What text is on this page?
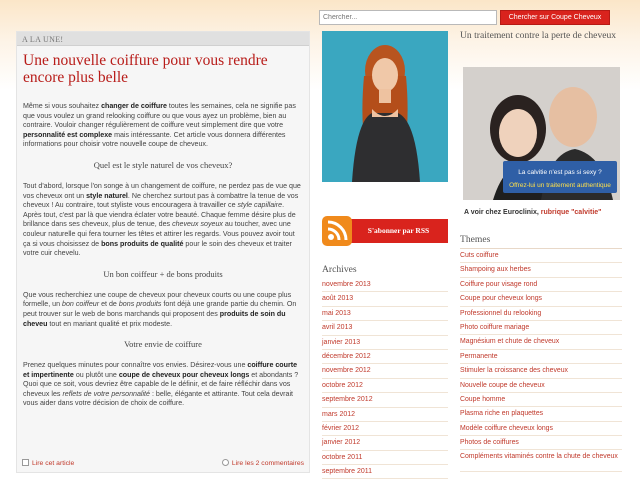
Chercher...
Chercher sur Coupe Cheveux
A LA UNE!
Une nouvelle coiffure pour vous rendre encore plus belle

Même si vous souhaitez changer de coiffure toutes les semaines, cela ne signifie pas que vous voulez un grand relooking coiffure ou que vous ayez un problème, bien au contraire. Vouloir changer régulièrement de coiffure veut simplement dire que votre personnalité est complexe mais intéressante. Cet article vous donnera différentes informations pour choisir votre nouvelle coupe de cheveux.

Quel est le style naturel de vos cheveux?

Tout d'abord, lorsque l'on songe à un changement de coiffure, ne perdez pas de vue que vos cheveux ont un style naturel. Ne cherchez surtout pas à combattre la tenue de vos cheveux ! Au contraire, tout styliste vous encouragera à travailler ce style capillaire. Après tout, c'est par là que viendra éclater votre beauté. Chaque femme désire plus de brillance dans ses cheveux, plus de tenue, des cheveux soyeux au toucher, avec une couleur naturelle qui fera tourner les têtes et attirer les regards. Vous pouvez avoir tout ça si vous choisissez de bons produits de qualité pour le soin des cheveux et traiter votre cuir chevelu.

Un bon coiffeur + de bons produits

Que vous recherchiez une coupe de cheveux pour cheveux courts ou une coupe plus formelle, un bon coiffeur et de bons produits font déjà une grande partie du chemin. On peut trouver sur le web de bons marchands qui proposent des produits de soin du cheveu tout en mariant qualité et prix modeste.

Votre envie de coiffure

Prenez quelques minutes pour connaître vos envies. Désirez-vous une coiffure courte et impertinente ou plutôt une coupe de cheveux pour cheveux longs et abondants ? Quoi que ce soit, vous devriez être capable de le définir, et de faire réfléchir dans vos cheveux les reflets de votre personnalité : belle, élégante et attirante. Tout cela devrait vous aider dans votre décision de choix de coiffure.

Lire cet article	Lire les 2 commentaires
S'abonner par RSS
Archives
novembre 2013
août 2013
mai 2013
avril 2013
janvier 2013
décembre 2012
novembre 2012
octobre 2012
septembre 2012
mars 2012
février 2012
janvier 2012
octobre 2011
septembre 2011
Un traitement contre la perte de cheveux
La calvitie n'est pas si sexy ?
Offrez-lui un traitement authentique
A voir chez Euroclinix, rubrique "calvitie"
Themes
Cuts coiffure
Shampoing aux herbes
Coiffure pour visage rond
Coupe pour cheveux longs
Professionnel du relooking
Photo coiffure mariage
Magnésium et chute de cheveux
Permanente
Stimuler la croissance des cheveux
Nouvelle coupe de cheveux
Coupe homme
Plasma riche en plaquettes
Modèle coiffure cheveux longs
Photos de coiffures
Compléments vitaminés contre la chute de cheveux
